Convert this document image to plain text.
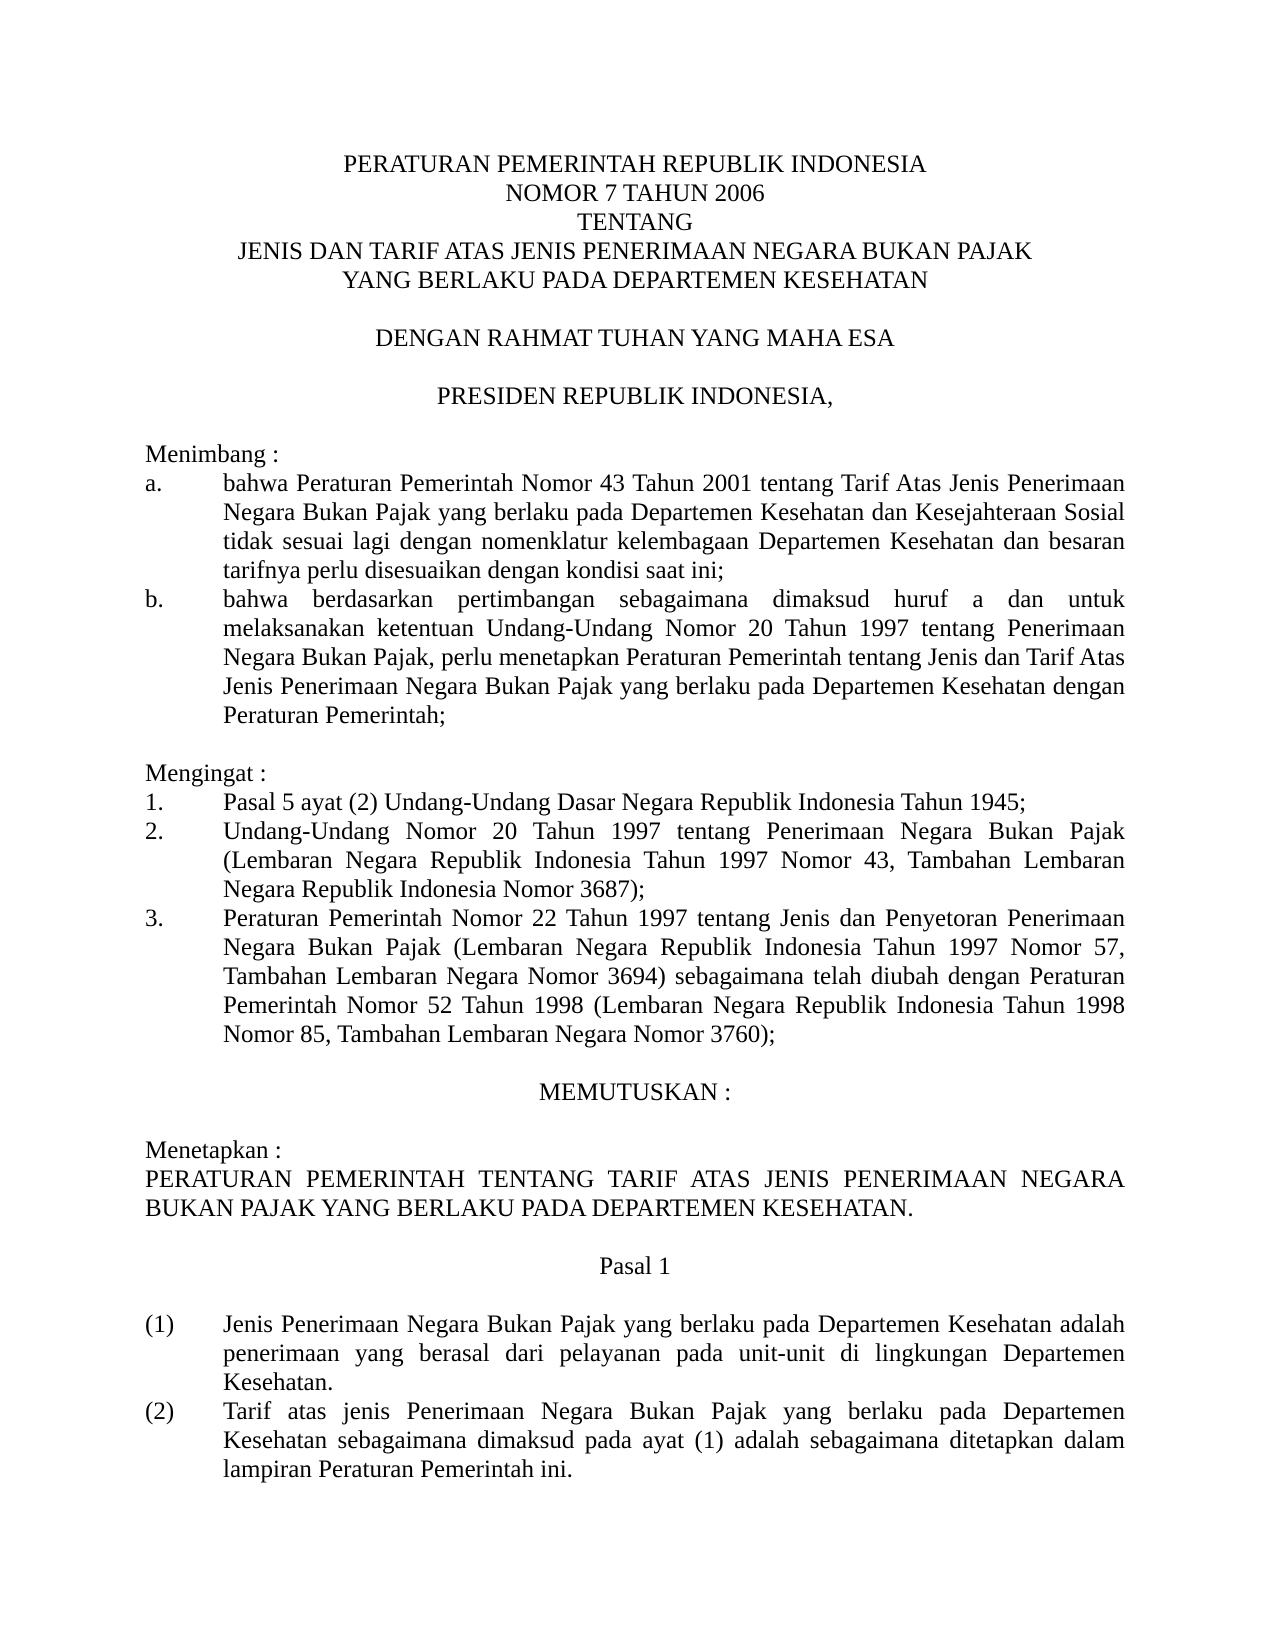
PERATURAN PEMERINTAH REPUBLIK INDONESIA
NOMOR 7 TAHUN 2006
TENTANG
JENIS DAN TARIF ATAS JENIS PENERIMAAN NEGARA BUKAN PAJAK
YANG BERLAKU PADA DEPARTEMEN KESEHATAN
DENGAN RAHMAT TUHAN YANG MAHA ESA
PRESIDEN REPUBLIK INDONESIA,
Menimbang :
a. bahwa Peraturan Pemerintah Nomor 43 Tahun 2001 tentang Tarif Atas Jenis Penerimaan Negara Bukan Pajak yang berlaku pada Departemen Kesehatan dan Kesejahteraan Sosial tidak sesuai lagi dengan nomenklatur kelembagaan Departemen Kesehatan dan besaran tarifnya perlu disesuaikan dengan kondisi saat ini;
b. bahwa berdasarkan pertimbangan sebagaimana dimaksud huruf a dan untuk melaksanakan ketentuan Undang-Undang Nomor 20 Tahun 1997 tentang Penerimaan Negara Bukan Pajak, perlu menetapkan Peraturan Pemerintah tentang Jenis dan Tarif Atas Jenis Penerimaan Negara Bukan Pajak yang berlaku pada Departemen Kesehatan dengan Peraturan Pemerintah;
Mengingat :
1. Pasal 5 ayat (2) Undang-Undang Dasar Negara Republik Indonesia Tahun 1945;
2. Undang-Undang Nomor 20 Tahun 1997 tentang Penerimaan Negara Bukan Pajak (Lembaran Negara Republik Indonesia Tahun 1997 Nomor 43, Tambahan Lembaran Negara Republik Indonesia Nomor 3687);
3. Peraturan Pemerintah Nomor 22 Tahun 1997 tentang Jenis dan Penyetoran Penerimaan Negara Bukan Pajak (Lembaran Negara Republik Indonesia Tahun 1997 Nomor 57, Tambahan Lembaran Negara Nomor 3694) sebagaimana telah diubah dengan Peraturan Pemerintah Nomor 52 Tahun 1998 (Lembaran Negara Republik Indonesia Tahun 1998 Nomor 85, Tambahan Lembaran Negara Nomor 3760);
MEMUTUSKAN :
Menetapkan :
PERATURAN PEMERINTAH TENTANG TARIF ATAS JENIS PENERIMAAN NEGARA BUKAN PAJAK YANG BERLAKU PADA DEPARTEMEN KESEHATAN.
Pasal 1
(1) Jenis Penerimaan Negara Bukan Pajak yang berlaku pada Departemen Kesehatan adalah penerimaan yang berasal dari pelayanan pada unit-unit di lingkungan Departemen Kesehatan.
(2) Tarif atas jenis Penerimaan Negara Bukan Pajak yang berlaku pada Departemen Kesehatan sebagaimana dimaksud pada ayat (1) adalah sebagaimana ditetapkan dalam lampiran Peraturan Pemerintah ini.
